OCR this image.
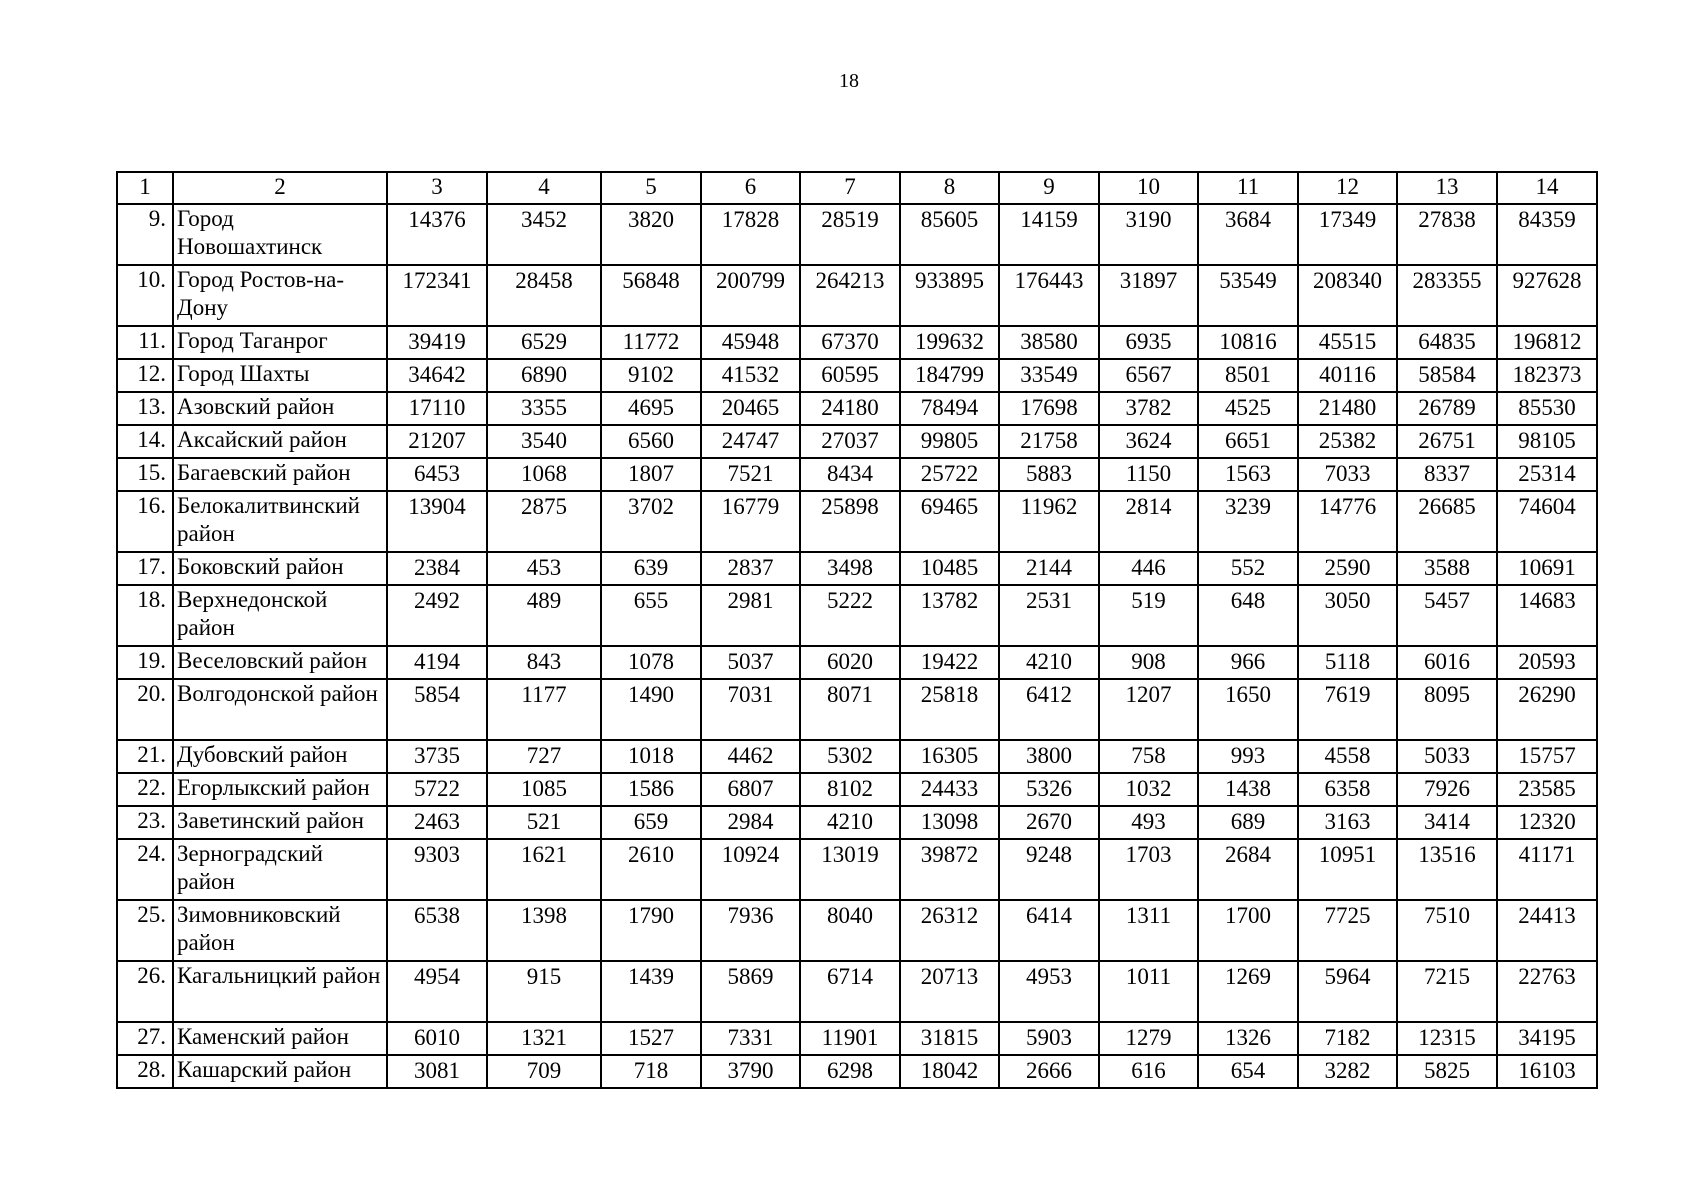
18
1	2	3	4	5	6	7	8	9	10	11	12	13	14
9.	Город Новошахтинск	14376	3452	3820	17828	28519	85605	14159	3190	3684	17349	27838	84359
10.	Город Ростов-на-Дону	172341	28458	56848	200799	264213	933895	176443	31897	53549	208340	283355	927628
11.	Город Таганрог	39419	6529	11772	45948	67370	199632	38580	6935	10816	45515	64835	196812
12.	Город Шахты	34642	6890	9102	41532	60595	184799	33549	6567	8501	40116	58584	182373
13.	Азовский район	17110	3355	4695	20465	24180	78494	17698	3782	4525	21480	26789	85530
14.	Аксайский район	21207	3540	6560	24747	27037	99805	21758	3624	6651	25382	26751	98105
15.	Багаевский район	6453	1068	1807	7521	8434	25722	5883	1150	1563	7033	8337	25314
16.	Белокалитвинский район	13904	2875	3702	16779	25898	69465	11962	2814	3239	14776	26685	74604
17.	Боковский район	2384	453	639	2837	3498	10485	2144	446	552	2590	3588	10691
18.	Верхнедонской район	2492	489	655	2981	5222	13782	2531	519	648	3050	5457	14683
19.	Веселовский район	4194	843	1078	5037	6020	19422	4210	908	966	5118	6016	20593
20.	Волгодонской район	5854	1177	1490	7031	8071	25818	6412	1207	1650	7619	8095	26290
21.	Дубовский район	3735	727	1018	4462	5302	16305	3800	758	993	4558	5033	15757
22.	Егорлыкский район	5722	1085	1586	6807	8102	24433	5326	1032	1438	6358	7926	23585
23.	Заветинский район	2463	521	659	2984	4210	13098	2670	493	689	3163	3414	12320
24.	Зерноградский район	9303	1621	2610	10924	13019	39872	9248	1703	2684	10951	13516	41171
25.	Зимовниковский район	6538	1398	1790	7936	8040	26312	6414	1311	1700	7725	7510	24413
26.	Кагальницкий район	4954	915	1439	5869	6714	20713	4953	1011	1269	5964	7215	22763
27.	Каменский район	6010	1321	1527	7331	11901	31815	5903	1279	1326	7182	12315	34195
28.	Кашарский район	3081	709	718	3790	6298	18042	2666	616	654	3282	5825	16103
